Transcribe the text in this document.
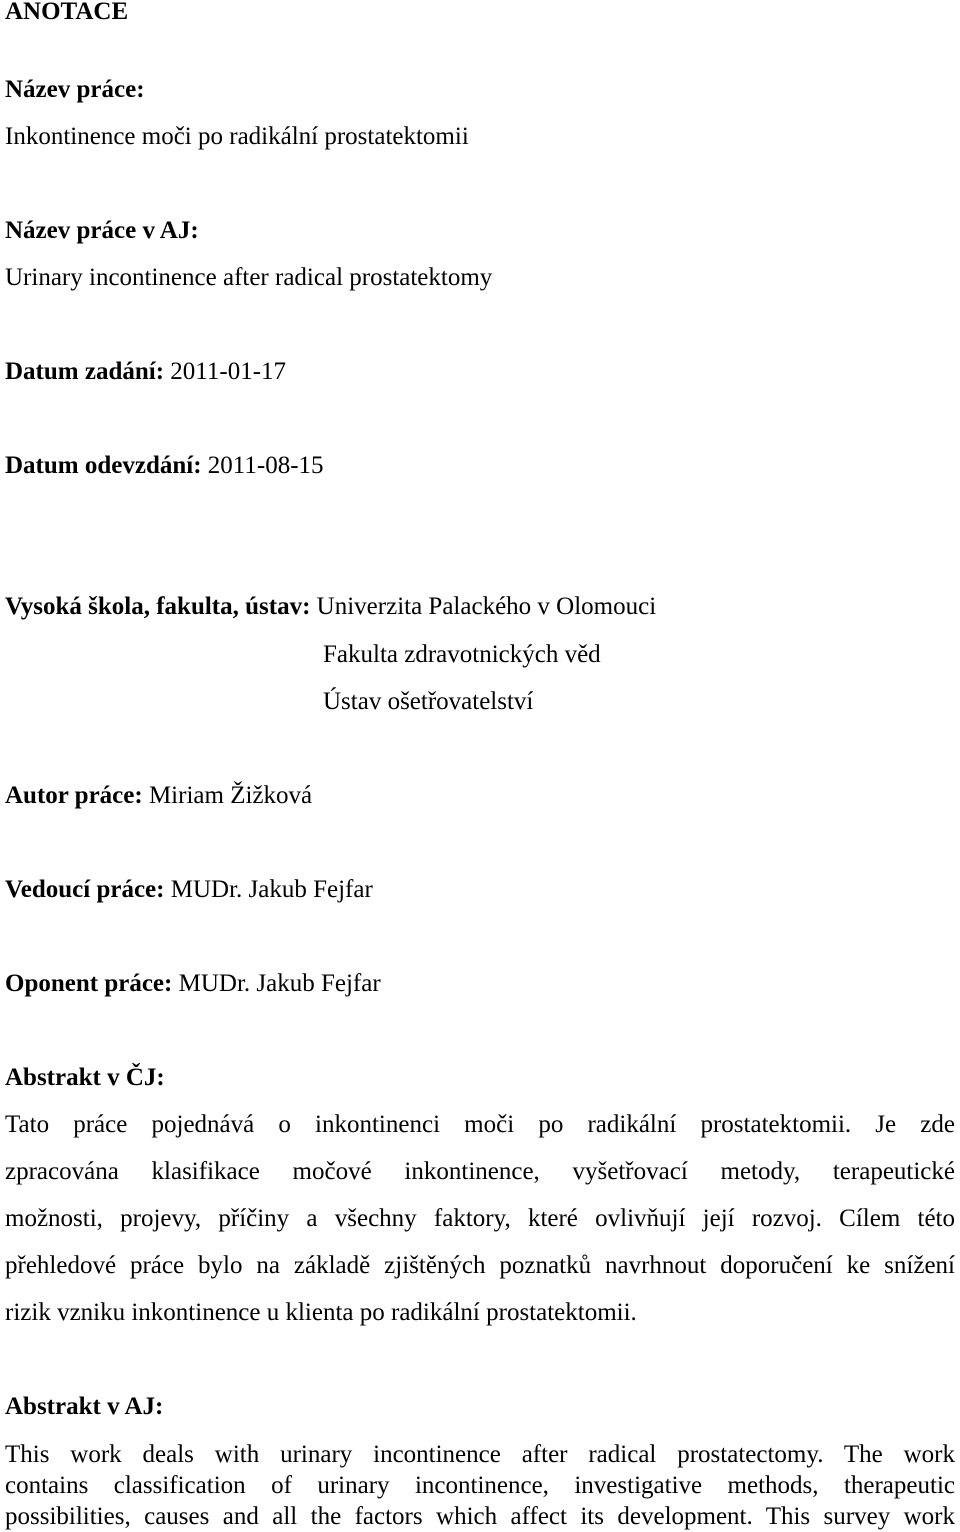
ANOTACE
Název práce:
Inkontinence moči po radikální prostatektomii
Název práce v AJ:
Urinary incontinence after radical prostatektomy
Datum zadání: 2011-01-17
Datum odevzdání: 2011-08-15
Vysoká škola, fakulta, ústav: Univerzita Palackého v Olomouci
Fakulta zdravotnických věd
Ústav ošetřovatelství
Autor práce: Miriam Žižková
Vedoucí práce: MUDr. Jakub Fejfar
Oponent práce: MUDr. Jakub Fejfar
Abstrakt v ČJ:
Tato práce pojednává o inkontinenci moči po radikální prostatektomii. Je zde
zpracována klasifikace močové inkontinence, vyšetřovací metody, terapeutické
možnosti, projevy, příčiny a všechny faktory, které ovlivňují její rozvoj. Cílem této
přehledové práce bylo na základě zjištěných poznatků navrhnout doporučení ke snížení
rizik vzniku inkontinence u klienta po radikální prostatektomii.
Abstrakt v AJ:
This work deals with urinary incontinence after radical prostatectomy. The work
contains classification of urinary incontinence, investigative methods, therapeutic
possibilities, causes and all the factors which affect its development. This survey work
